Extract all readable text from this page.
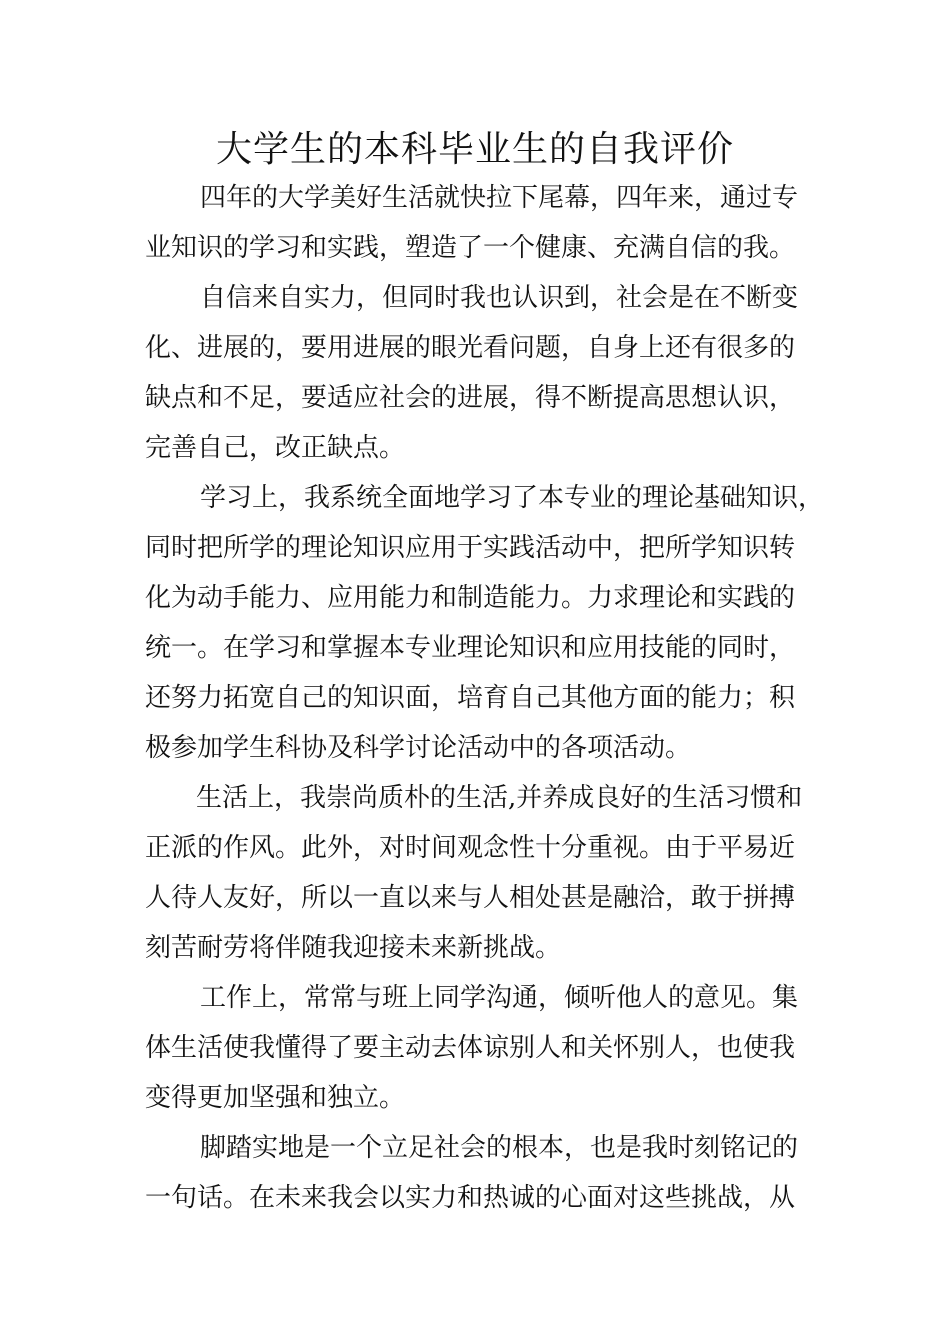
大学生的本科毕业生的自我评价

四年的大学美好生活就快拉下尾幕，四年来，通过专

业知识的学习和实践，塑造了一个健康、充满自信的我。

自信来自实力，但同时我也认识到，社会是在不断变

化、进展的，要用进展的眼光看问题，自身上还有很多的

缺点和不足，要适应社会的进展，得不断提高思想认识，

完善自己，改正缺点。

学习上，我系统全面地学习了本专业的理论基础知识，

同时把所学的理论知识应用于实践活动中，把所学知识转

化为动手能力、应用能力和制造能力。力求理论和实践的

统一。在学习和掌握本专业理论知识和应用技能的同时，

还努力拓宽自己的知识面，培育自己其他方面的能力；积

极参加学生科协及科学讨论活动中的各项活动。

生活上，我崇尚质朴的生活,并养成良好的生活习惯和

正派的作风。此外，对时间观念性十分重视。由于平易近

人待人友好，所以一直以来与人相处甚是融洽，敢于拼搏

刻苦耐劳将伴随我迎接未来新挑战。

工作上，常常与班上同学沟通，倾听他人的意见。集

体生活使我懂得了要主动去体谅别人和关怀别人，也使我

变得更加坚强和独立。

脚踏实地是一个立足社会的根本，也是我时刻铭记的

一句话。在未来我会以实力和热诚的心面对这些挑战，从
